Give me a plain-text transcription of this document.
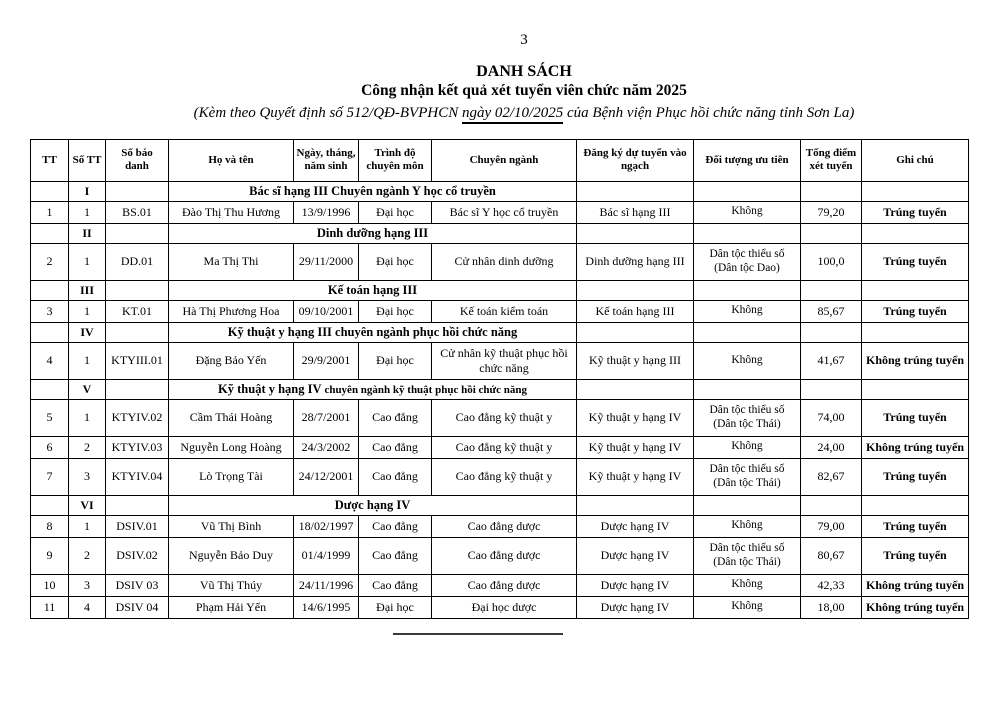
3
DANH SÁCH
Công nhận kết quả xét tuyển viên chức năm 2025
(Kèm theo Quyết định số 512/QĐ-BVPHCN ngày 02/10/2025 của Bệnh viện Phục hồi chức năng tỉnh Sơn La)
TT	Số TT	Số báo danh	Họ và tên	Ngày, tháng, năm sinh	Trình độ chuyên môn	Chuyên ngành	Đăng ký dự tuyển vào ngạch	Đối tượng ưu tiên	Tổng điểm xét tuyển	Ghi chú
	I		Bác sĩ hạng III Chuyên ngành Y học cổ truyền							
1	1	BS.01	Đào Thị Thu Hương	13/9/1996	Đại học	Bác sĩ Y học cổ truyền	Bác sĩ hạng III	Không	79,20	Trúng tuyển
	II		Dinh dưỡng hạng III							
2	1	DD.01	Ma Thị Thi	29/11/2000	Đại học	Cử nhân dinh dưỡng	Dinh dưỡng hạng III	Dân tộc thiểu số (Dân tộc Dao)	100,0	Trúng tuyển
	III		Kế toán hạng III							
3	1	KT.01	Hà Thị Phương Hoa	09/10/2001	Đại học	Kế toán kiểm toán	Kế toán hạng III	Không	85,67	Trúng tuyển
	IV		Kỹ thuật y hạng III chuyên ngành phục hồi chức năng							
4	1	KTYIII.01	Đặng Bảo Yến	29/9/2001	Đại học	Cử nhân kỹ thuật phục hồi chức năng	Kỹ thuật y hạng III	Không	41,67	Không trúng tuyển
	V		Kỹ thuật y hạng IV chuyên ngành kỹ thuật phục hồi chức năng							
5	1	KTYIV.02	Cầm Thái Hoàng	28/7/2001	Cao đẳng	Cao đẳng kỹ thuật y	Kỹ thuật y hạng IV	Dân tộc thiểu số (Dân tộc Thái)	74,00	Trúng tuyển
6	2	KTYIV.03	Nguyễn Long Hoàng	24/3/2002	Cao đẳng	Cao đẳng kỹ thuật y	Kỹ thuật y hạng IV	Không	24,00	Không trúng tuyển
7	3	KTYIV.04	Lò Trọng Tài	24/12/2001	Cao đẳng	Cao đẳng kỹ thuật y	Kỹ thuật y hạng IV	Dân tộc thiểu số (Dân tộc Thái)	82,67	Trúng tuyển
	VI		Dược hạng IV							
8	1	DSIV.01	Vũ Thị Bình	18/02/1997	Cao đẳng	Cao đẳng dược	Dược hạng IV	Không	79,00	Trúng tuyển
9	2	DSIV.02	Nguyễn Bảo Duy	01/4/1999	Cao đẳng	Cao đẳng dược	Dược hạng IV	Dân tộc thiểu số (Dân tộc Thái)	80,67	Trúng tuyển
10	3	DSIV 03	Vũ Thị Thúy	24/11/1996	Cao đẳng	Cao đẳng dược	Dược hạng IV	Không	42,33	Không trúng tuyển
11	4	DSIV 04	Phạm Hải Yến	14/6/1995	Đại học	Đại học dược	Dược hạng IV	Không	18,00	Không trúng tuyển
